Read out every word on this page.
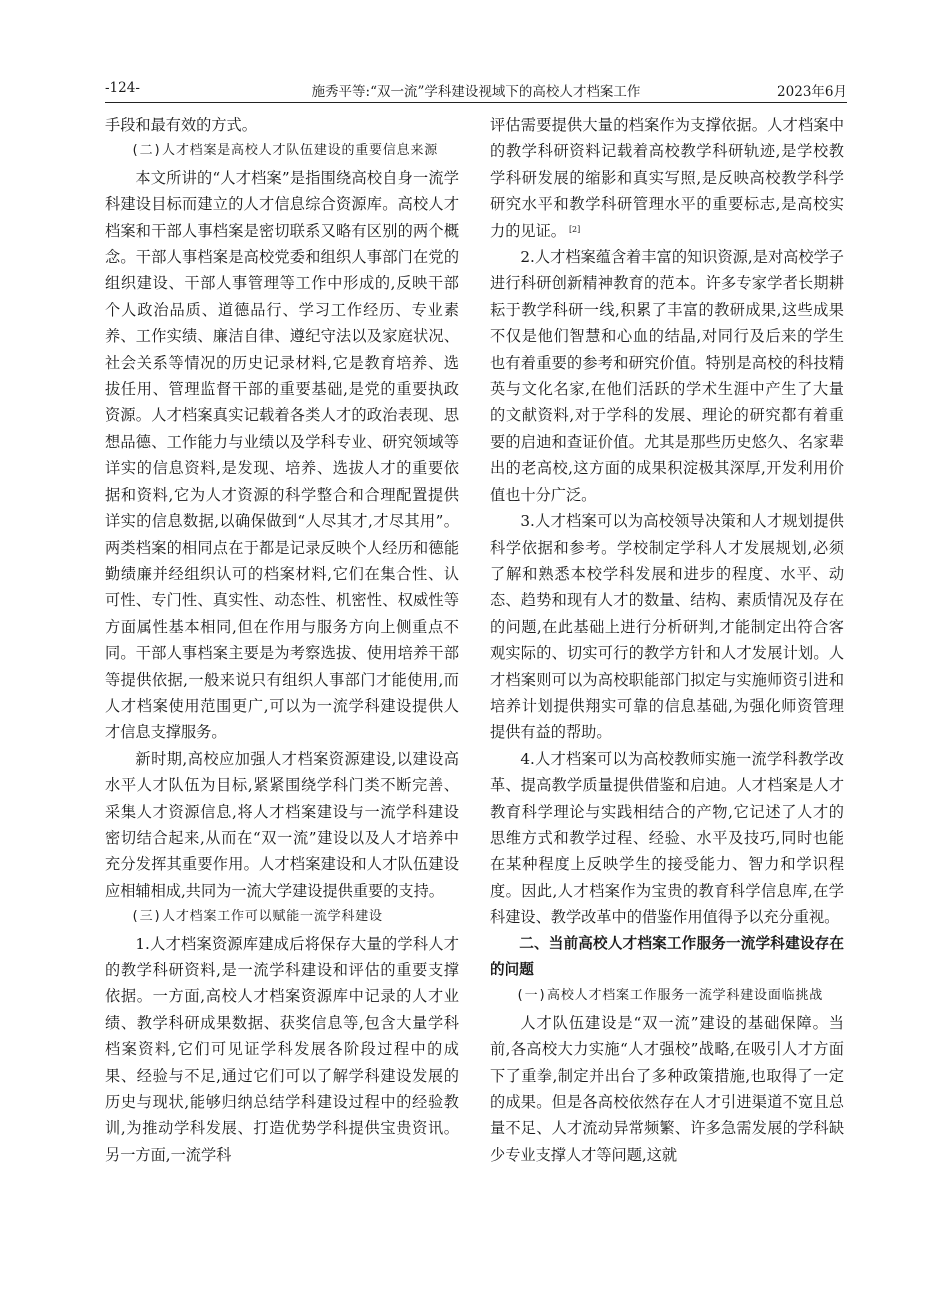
-124-	施秀平等:“双一流”学科建设视域下的高校人才档案工作	2023年6月

手段和最有效的方式。

(二)人才档案是高校人才队伍建设的重要信息来源

本文所讲的“人才档案”是指围绕高校自身一流学科建设目标而建立的人才信息综合资源库。高校人才档案和干部人事档案是密切联系又略有区别的两个概念。干部人事档案是高校党委和组织人事部门在党的组织建设、干部人事管理等工作中形成的,反映干部个人政治品质、道德品行、学习工作经历、专业素养、工作实绩、廉洁自律、遵纪守法以及家庭状况、社会关系等情况的历史记录材料,它是教育培养、选拔任用、管理监督干部的重要基础,是党的重要执政资源。人才档案真实记载着各类人才的政治表现、思想品德、工作能力与业绩以及学科专业、研究领域等详实的信息资料,是发现、培养、选拔人才的重要依据和资料,它为人才资源的科学整合和合理配置提供详实的信息数据,以确保做到“人尽其才,才尽其用”。两类档案的相同点在于都是记录反映个人经历和德能勤绩廉并经组织认可的档案材料,它们在集合性、认可性、专门性、真实性、动态性、机密性、权威性等方面属性基本相同,但在作用与服务方向上侧重点不同。干部人事档案主要是为考察选拔、使用培养干部等提供依据,一般来说只有组织人事部门才能使用,而人才档案使用范围更广,可以为一流学科建设提供人才信息支撑服务。

新时期,高校应加强人才档案资源建设,以建设高水平人才队伍为目标,紧紧围绕学科门类不断完善、采集人才资源信息,将人才档案建设与一流学科建设密切结合起来,从而在“双一流”建设以及人才培养中充分发挥其重要作用。人才档案建设和人才队伍建设应相辅相成,共同为一流大学建设提供重要的支持。

(三)人才档案工作可以赋能一流学科建设

1.人才档案资源库建成后将保存大量的学科人才的教学科研资料,是一流学科建设和评估的重要支撑依据。一方面,高校人才档案资源库中记录的人才业绩、教学科研成果数据、获奖信息等,包含大量学科档案资料,它们可见证学科发展各阶段过程中的成果、经验与不足,通过它们可以了解学科建设发展的历史与现状,能够归纳总结学科建设过程中的经验教训,为推动学科发展、打造优势学科提供宝贵资讯。另一方面,一流学科

评估需要提供大量的档案作为支撑依据。人才档案中的教学科研资料记载着高校教学科研轨迹,是学校教学科研发展的缩影和真实写照,是反映高校教学科学研究水平和教学科研管理水平的重要标志,是高校实力的见证。 [2]

2.人才档案蕴含着丰富的知识资源,是对高校学子进行科研创新精神教育的范本。许多专家学者长期耕耘于教学科研一线,积累了丰富的教研成果,这些成果不仅是他们智慧和心血的结晶,对同行及后来的学生也有着重要的参考和研究价值。特别是高校的科技精英与文化名家,在他们活跃的学术生涯中产生了大量的文献资料,对于学科的发展、理论的研究都有着重要的启迪和查证价值。尤其是那些历史悠久、名家辈出的老高校,这方面的成果积淀极其深厚,开发利用价值也十分广泛。

3.人才档案可以为高校领导决策和人才规划提供科学依据和参考。学校制定学科人才发展规划,必须了解和熟悉本校学科发展和进步的程度、水平、动态、趋势和现有人才的数量、结构、素质情况及存在的问题,在此基础上进行分析研判,才能制定出符合客观实际的、切实可行的教学方针和人才发展计划。人才档案则可以为高校职能部门拟定与实施师资引进和培养计划提供翔实可靠的信息基础,为强化师资管理提供有益的帮助。

4.人才档案可以为高校教师实施一流学科教学改革、提高教学质量提供借鉴和启迪。人才档案是人才教育科学理论与实践相结合的产物,它记述了人才的思维方式和教学过程、经验、水平及技巧,同时也能在某种程度上反映学生的接受能力、智力和学识程度。因此,人才档案作为宝贵的教育科学信息库,在学科建设、教学改革中的借鉴作用值得予以充分重视。

二、当前高校人才档案工作服务一流学科建设存在的问题

(一)高校人才档案工作服务一流学科建设面临挑战

人才队伍建设是“双一流”建设的基础保障。当前,各高校大力实施“人才强校”战略,在吸引人才方面下了重拳,制定并出台了多种政策措施,也取得了一定的成果。但是各高校依然存在人才引进渠道不宽且总量不足、人才流动异常频繁、许多急需发展的学科缺少专业支撑人才等问题,这就
